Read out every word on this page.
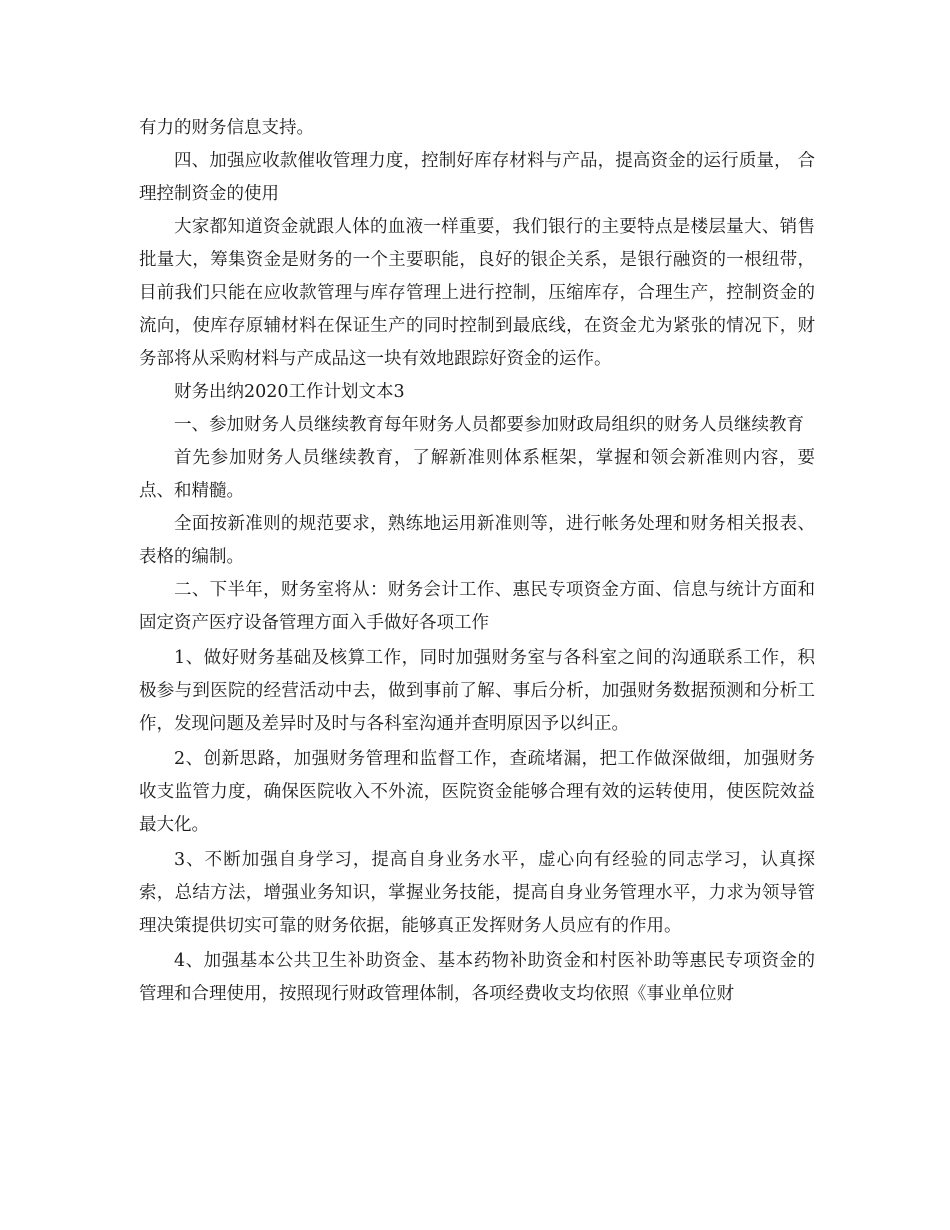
有力的财务信息支持。

四、加强应收款催收管理力度，控制好库存材料与产品，提高资金的运行质量， 合理控制资金的使用

大家都知道资金就跟人体的血液一样重要，我们银行的主要特点是楼层量大、销售批量大，筹集资金是财务的一个主要职能，良好的银企关系，是银行融资的一根纽带，目前我们只能在应收款管理与库存管理上进行控制，压缩库存，合理生产，控制资金的流向，使库存原辅材料在保证生产的同时控制到最底线，在资金尤为紧张的情况下，财务部将从采购材料与产成品这一块有效地跟踪好资金的运作。

财务出纳2020工作计划文本3

一、参加财务人员继续教育每年财务人员都要参加财政局组织的财务人员继续教育

首先参加财务人员继续教育，了解新准则体系框架，掌握和领会新准则内容，要点、和精髓。

全面按新准则的规范要求，熟练地运用新准则等，进行帐务处理和财务相关报表、表格的编制。

二、下半年，财务室将从：财务会计工作、惠民专项资金方面、信息与统计方面和固定资产医疗设备管理方面入手做好各项工作

1、做好财务基础及核算工作，同时加强财务室与各科室之间的沟通联系工作，积极参与到医院的经营活动中去，做到事前了解、事后分析，加强财务数据预测和分析工作，发现问题及差异时及时与各科室沟通并查明原因予以纠正。

2、创新思路，加强财务管理和监督工作，查疏堵漏，把工作做深做细，加强财务收支监管力度，确保医院收入不外流，医院资金能够合理有效的运转使用，使医院效益最大化。

3、不断加强自身学习，提高自身业务水平，虚心向有经验的同志学习，认真探索，总结方法，增强业务知识，掌握业务技能，提高自身业务管理水平，力求为领导管理决策提供切实可靠的财务依据，能够真正发挥财务人员应有的作用。

4、加强基本公共卫生补助资金、基本药物补助资金和村医补助等惠民专项资金的管理和合理使用，按照现行财政管理体制，各项经费收支均依照《事业单位财
